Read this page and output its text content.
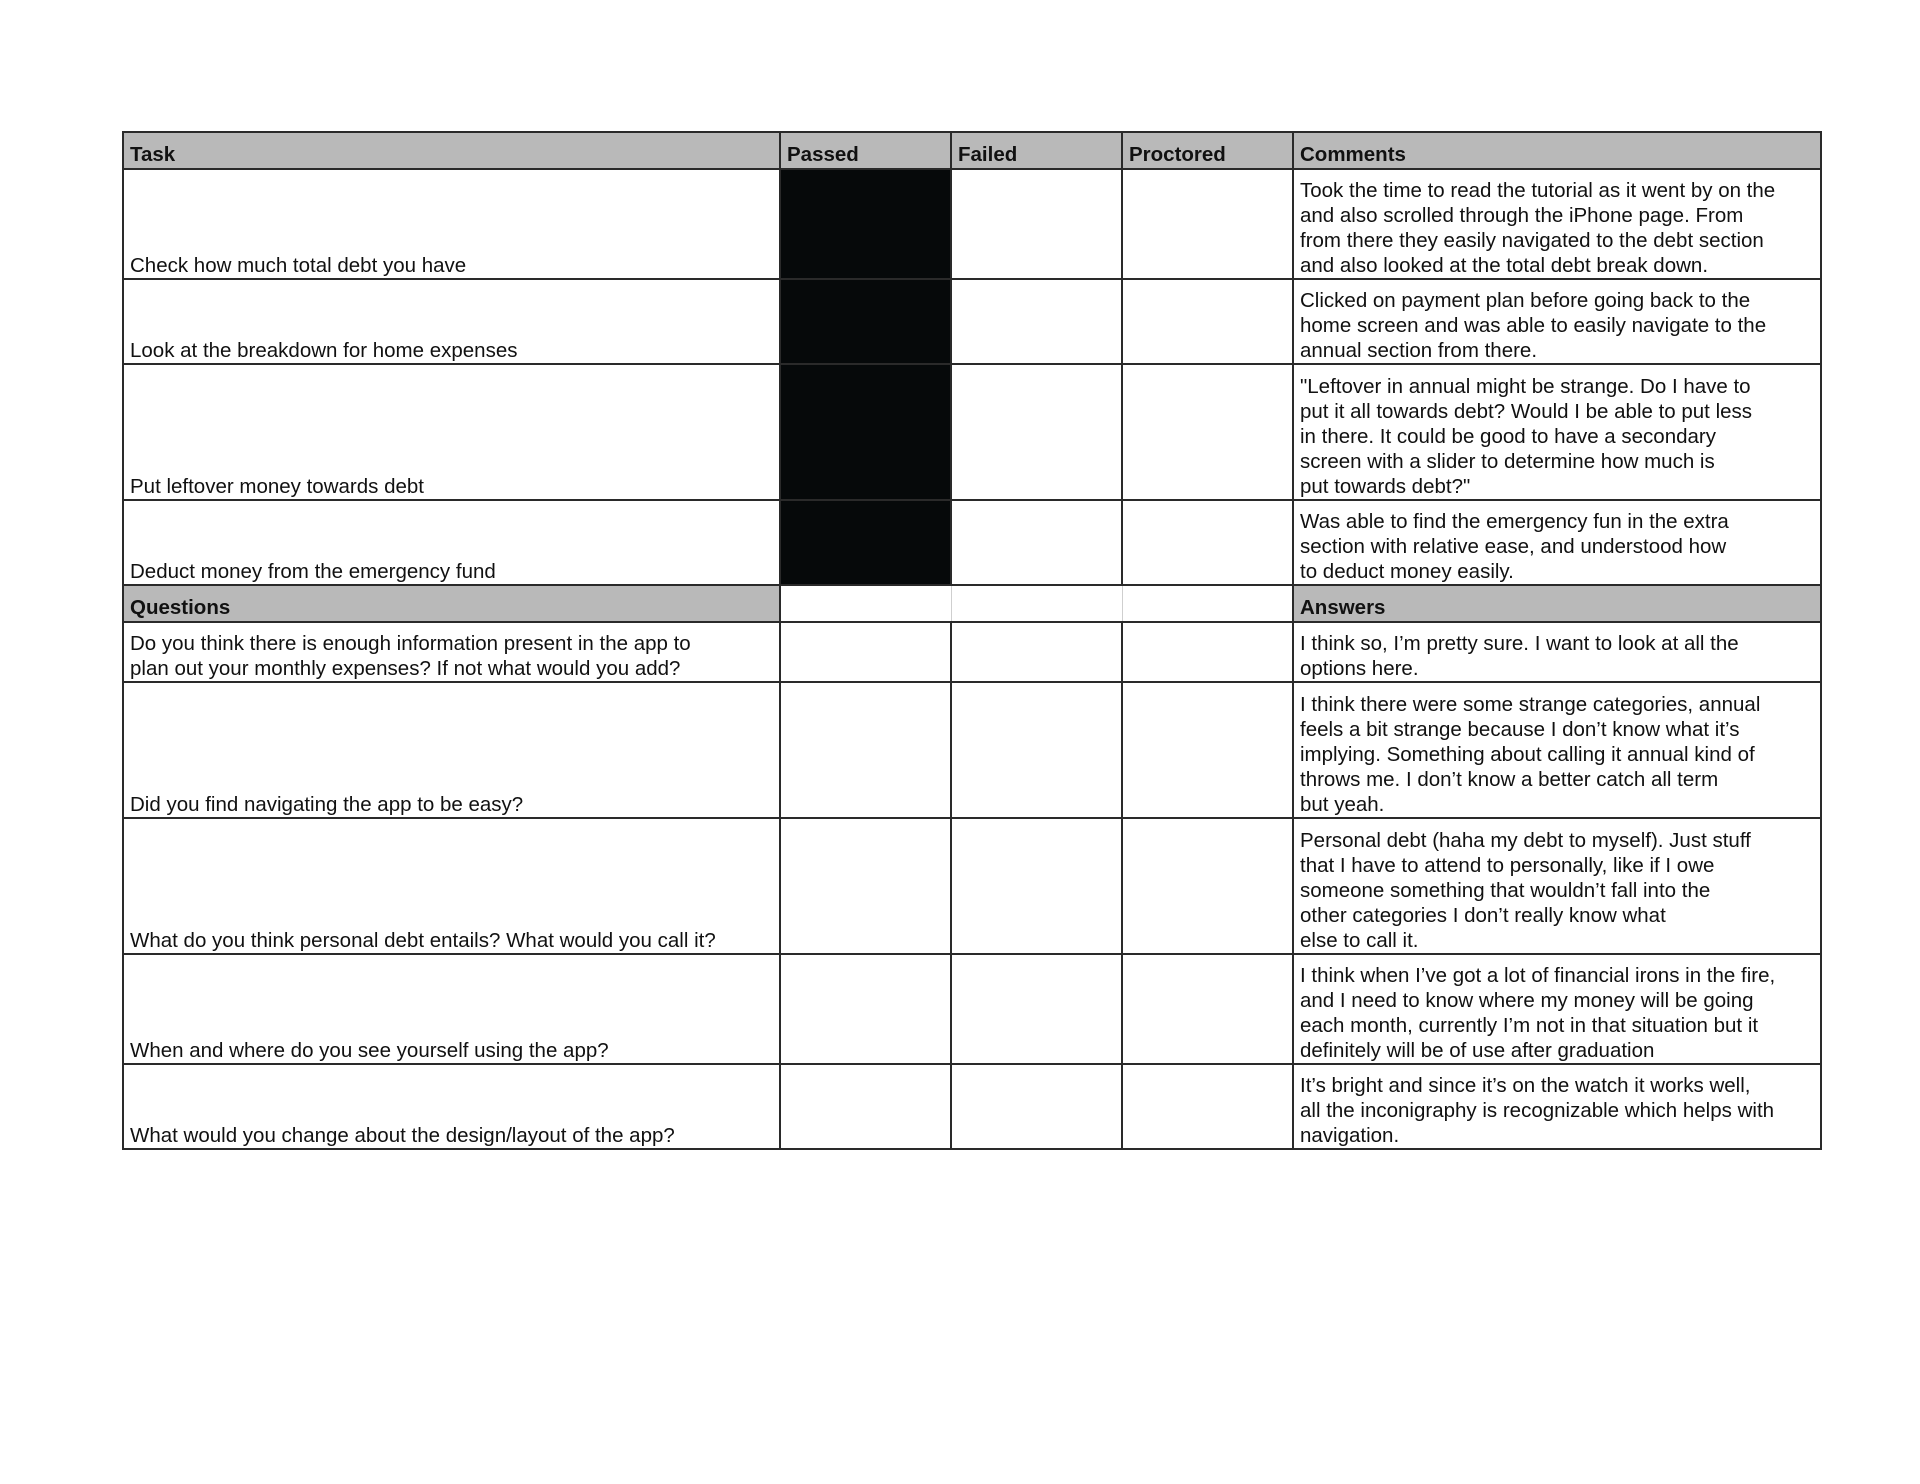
Task	Passed	Failed	Proctored	Comments
Check how much total debt you have				Took the time to read the tutorial as it went by on the
and also scrolled through the iPhone page. From
from there they easily navigated to the debt section
and also looked at the total debt break down.

Look at the breakdown for home expenses				Clicked on payment plan before going back to the
home screen and was able to easily navigate to the
annual section from there.

Put leftover money towards debt				"Leftover in annual might be strange. Do I have to
put it all towards debt? Would I be able to put less
in there. It could be good to have a secondary
screen with a slider to determine how much is
put towards debt?"

Deduct money from the emergency fund				Was able to find the emergency fun in the extra
section with relative ease, and understood how
to deduct money easily.

Questions				Answers

Do you think there is enough information present in the app to
plan out your monthly expenses? If not what would you add?				I think so, I’m pretty sure. I want to look at all the
options here.

Did you find navigating the app to be easy?				I think there were some strange categories, annual
feels a bit strange because I don’t know what it’s
implying. Something about calling it annual kind of
throws me. I don’t know a better catch all term
but yeah.

What do you think personal debt entails? What would you call it?				Personal debt (haha my debt to myself). Just stuff
that I have to attend to personally, like if I owe
someone something that wouldn’t fall into the
other categories I don’t really know what
else to call it.

When and where do you see yourself using the app?				I think when I’ve got a lot of financial irons in the fire,
and I need to know where my money will be going
each month, currently I’m not in that situation but it
definitely will be of use after graduation

What would you change about the design/layout of the app?				It’s bright and since it’s on the watch it works well,
all the inconigraphy is recognizable which helps with
navigation.
